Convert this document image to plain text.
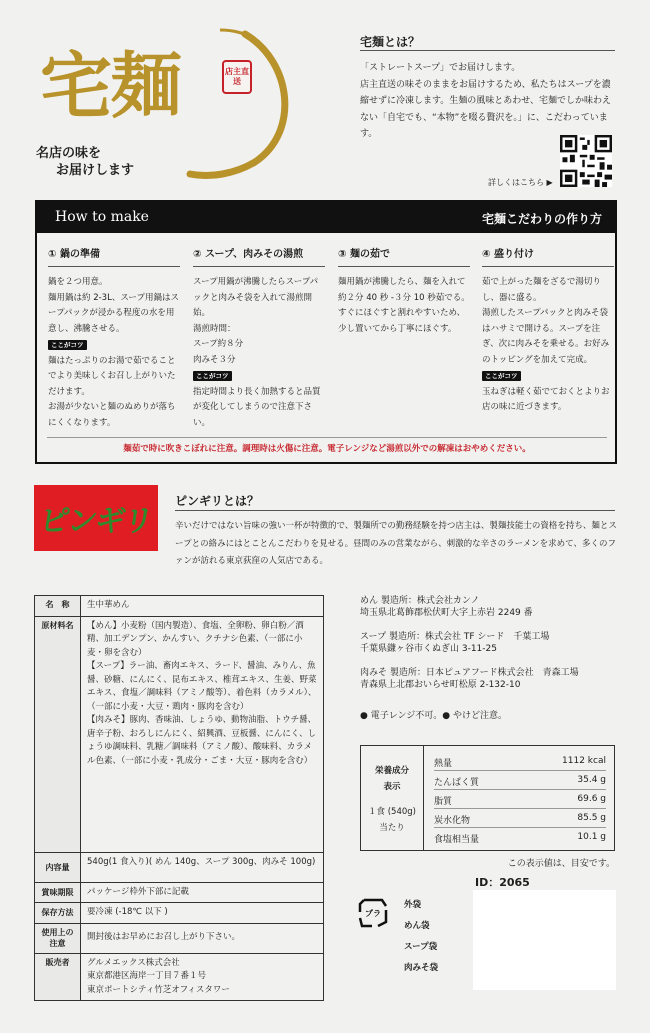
宅麺	店主直送
名店の味を
お届けします
宅麺とは？

「ストレートスープ」でお届けします。

店主直送の味そのままをお届けするため、私たちはスープを濃縮せずに冷凍します。生麺の風味とあわせ、宅麺でしか味わえない「自宅でも、“本物”を啜る贅沢を。」に、こだわっています。

詳しくはこちら ▶
How to make	宅麺こだわりの作り方
① 鍋の準備

鍋を２つ用意。

麺用鍋は約 2-3L、スープ用鍋はスープパックが浸かる程度の水を用意し、沸騰させる。

ここがコツ

麺はたっぷりのお湯で茹でることでより美味しくお召し上がりいただけます。

お湯が少ないと麺のぬめりが落ちにくくなります。

② スープ、肉みその湯煎

スープ用鍋が沸騰したらスープパックと肉みそ袋を入れて湯煎開始。

湯煎時間：

スープ約８分

肉みそ３分

ここがコツ

指定時間より長く加熱すると品質が変化してしまうので注意下さい。

③ 麺の茹で

麺用鍋が沸騰したら、麺を入れて約２分 40 秒 -３分 10 秒茹でる。すぐにほぐすと割れやすいため、少し置いてから丁寧にほぐす。

④ 盛り付け

茹で上がった麺をざるで湯切りし、器に盛る。

湯煎したスープパックと肉みそ袋はハサミで開ける。スープを注ぎ、次に肉みそを乗せる。お好みのトッピングを加えて完成。

ここがコツ

玉ねぎは軽く茹でておくとよりお店の味に近づきます。

麺茹で時に吹きこぼれに注意。調理時は火傷に注意。電子レンジなど湯煎以外での解凍はおやめください。
ピンギリ
ピンギリとは？
辛いだけではない旨味の強い一杯が特徴的で、製麺所での勤務経験を持つ店主は、製麺技能士の資格を持ち、麺とスープとの絡みにはとことんこだわりを見せる。昼間のみの営業ながら、刺激的な辛さのラーメンを求めて、多くのファンが訪れる東京荻窪の人気店である。
名　称	生中華めん
原材料名	【めん】小麦粉（国内製造）、食塩、全卵粉、卵白粉／酒精、加工デンプン、かんすい、クチナシ色素、（一部に小麦・卵を含む）
【スープ】ラー油、畜肉エキス、ラード、醤油、みりん、魚醤、砂糖、にんにく、昆布エキス、椎茸エキス、生姜、野菜エキス、食塩／調味料（アミノ酸等）、着色料（カラメル）、（一部に小麦・大豆・鶏肉・豚肉を含む）
【肉みそ】豚肉、香味油、しょうゆ、動物油脂、トウチ醤、唐辛子粉、おろしにんにく、紹興酒、豆板醤、にんにく、しょうゆ調味料、乳糖／調味料（アミノ酸）、酸味料、カラメル色素、（一部に小麦・乳成分・ごま・大豆・豚肉を含む）

内容量	540g(1 食入り)( めん 140g、スープ 300g、肉みそ 100g)
賞味期限	パッケージ枠外下部に記載
保存方法	要冷凍 (-18℃ 以下 )
使用上の注意	開封後はお早めにお召し上がり下さい。
販売者	グルメエックス株式会社
東京都港区海岸一丁目７番１号
東京ポートシティ竹芝オフィスタワー
めん 製造所：株式会社カンノ
埼玉県北葛飾郡松伏町大字上赤岩 2249 番
スープ 製造所：株式会社 TF シード　千葉工場
千葉県鎌ヶ谷市くぬぎ山 3-11-25
肉みそ 製造所：日本ピュアフード株式会社　青森工場
青森県上北郡おいらせ町松原 2-132-10
● 電子レンジ不可。● やけど注意。
栄養成分
表示
１食 (540g)
当たり
熱量	1112 kcal
たんぱく質	35.4 g
脂質	69.6 g
炭水化物	85.5 g
食塩相当量	10.1 g
この表示値は、目安です。
ID：2065
プラ
外袋
めん袋
スープ袋
肉みそ袋
